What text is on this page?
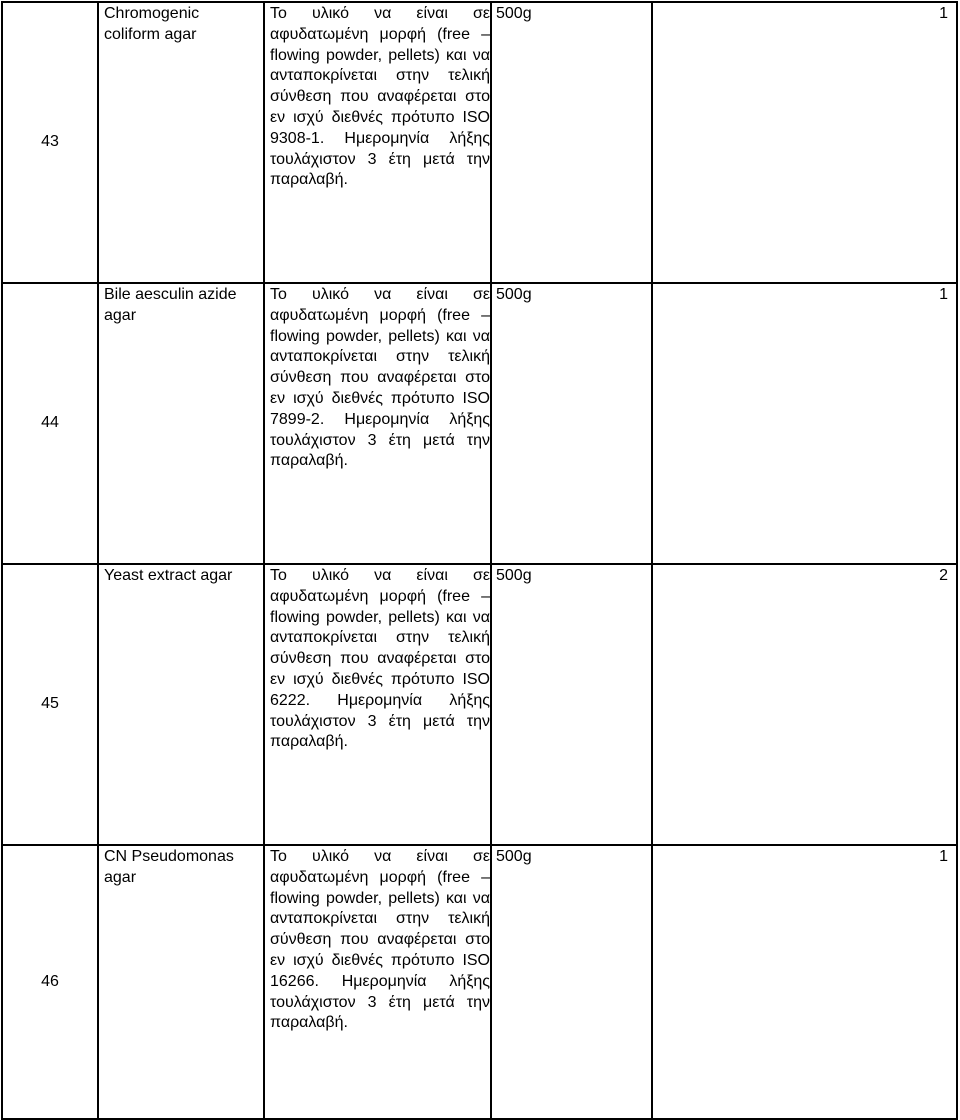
43	Chromogenic coliform agar	Το υλικό να είναι σε αφυδατωμένη μορφή (free – flowing powder, pellets) και να ανταποκρίνεται στην τελική σύνθεση που αναφέρεται στο εν ισχύ διεθνές πρότυπο ISO 9308-1. Ημερομηνία λήξης τουλάχιστον 3 έτη μετά την παραλαβή.	500g	1

44	Bile aesculin azide agar	Το υλικό να είναι σε αφυδατωμένη μορφή (free – flowing powder, pellets) και να ανταποκρίνεται στην τελική σύνθεση που αναφέρεται στο εν ισχύ διεθνές πρότυπο ISO 7899-2. Ημερομηνία λήξης τουλάχιστον 3 έτη μετά την παραλαβή.	500g	1

45	Yeast extract agar	Το υλικό να είναι σε αφυδατωμένη μορφή (free – flowing powder, pellets) και να ανταποκρίνεται στην τελική σύνθεση που αναφέρεται στο εν ισχύ διεθνές πρότυπο ISO 6222. Ημερομηνία λήξης τουλάχιστον 3 έτη μετά την παραλαβή.	500g	2

46	CN Pseudomonas agar	Το υλικό να είναι σε αφυδατωμένη μορφή (free – flowing powder, pellets) και να ανταποκρίνεται στην τελική σύνθεση που αναφέρεται στο εν ισχύ διεθνές πρότυπο ISO 16266. Ημερομηνία λήξης τουλάχιστον 3 έτη μετά την παραλαβή.	500g	1
